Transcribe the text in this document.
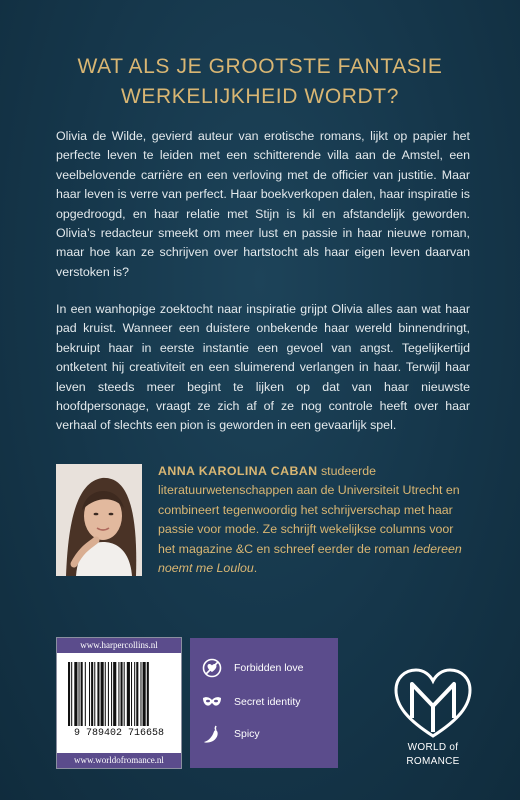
WAT ALS JE GROOTSTE FANTASIE
WERKELIJKHEID WORDT?
Olivia de Wilde, gevierd auteur van erotische romans, lijkt op papier het perfecte leven te leiden met een schitterende villa aan de Amstel, een veelbelovende carrière en een verloving met de officier van justitie. Maar haar leven is verre van perfect. Haar boekverkopen dalen, haar inspiratie is opgedroogd, en haar relatie met Stijn is kil en afstandelijk geworden. Olivia’s redacteur smeekt om meer lust en passie in haar nieuwe roman, maar hoe kan ze schrijven over hartstocht als haar eigen leven daarvan verstoken is?
In een wanhopige zoektocht naar inspiratie grijpt Olivia alles aan wat haar pad kruist. Wanneer een duistere onbekende haar wereld binnendringt, bekruipt haar in eerste instantie een gevoel van angst. Tegelijkertijd ontketent hij creativiteit en een sluimerend verlangen in haar. Terwijl haar leven steeds meer begint te lijken op dat van haar nieuwste hoofdpersonage, vraagt ze zich af of ze nog controle heeft over haar verhaal of slechts een pion is geworden in een gevaarlijk spel.
ANNA KAROLINA CABAN studeerde literatuurwetenschappen aan de Universiteit Utrecht en combineert tegenwoordig het schrijverschap met haar passie voor mode. Ze schrijft wekelijkse columns voor het magazine &C en schreef eerder de roman Iedereen noemt me Loulou.
www.harpercollins.nl
9 789402 716658
www.worldofromance.nl
Forbidden love
Secret identity
Spicy
WORLD of
ROMANCE
